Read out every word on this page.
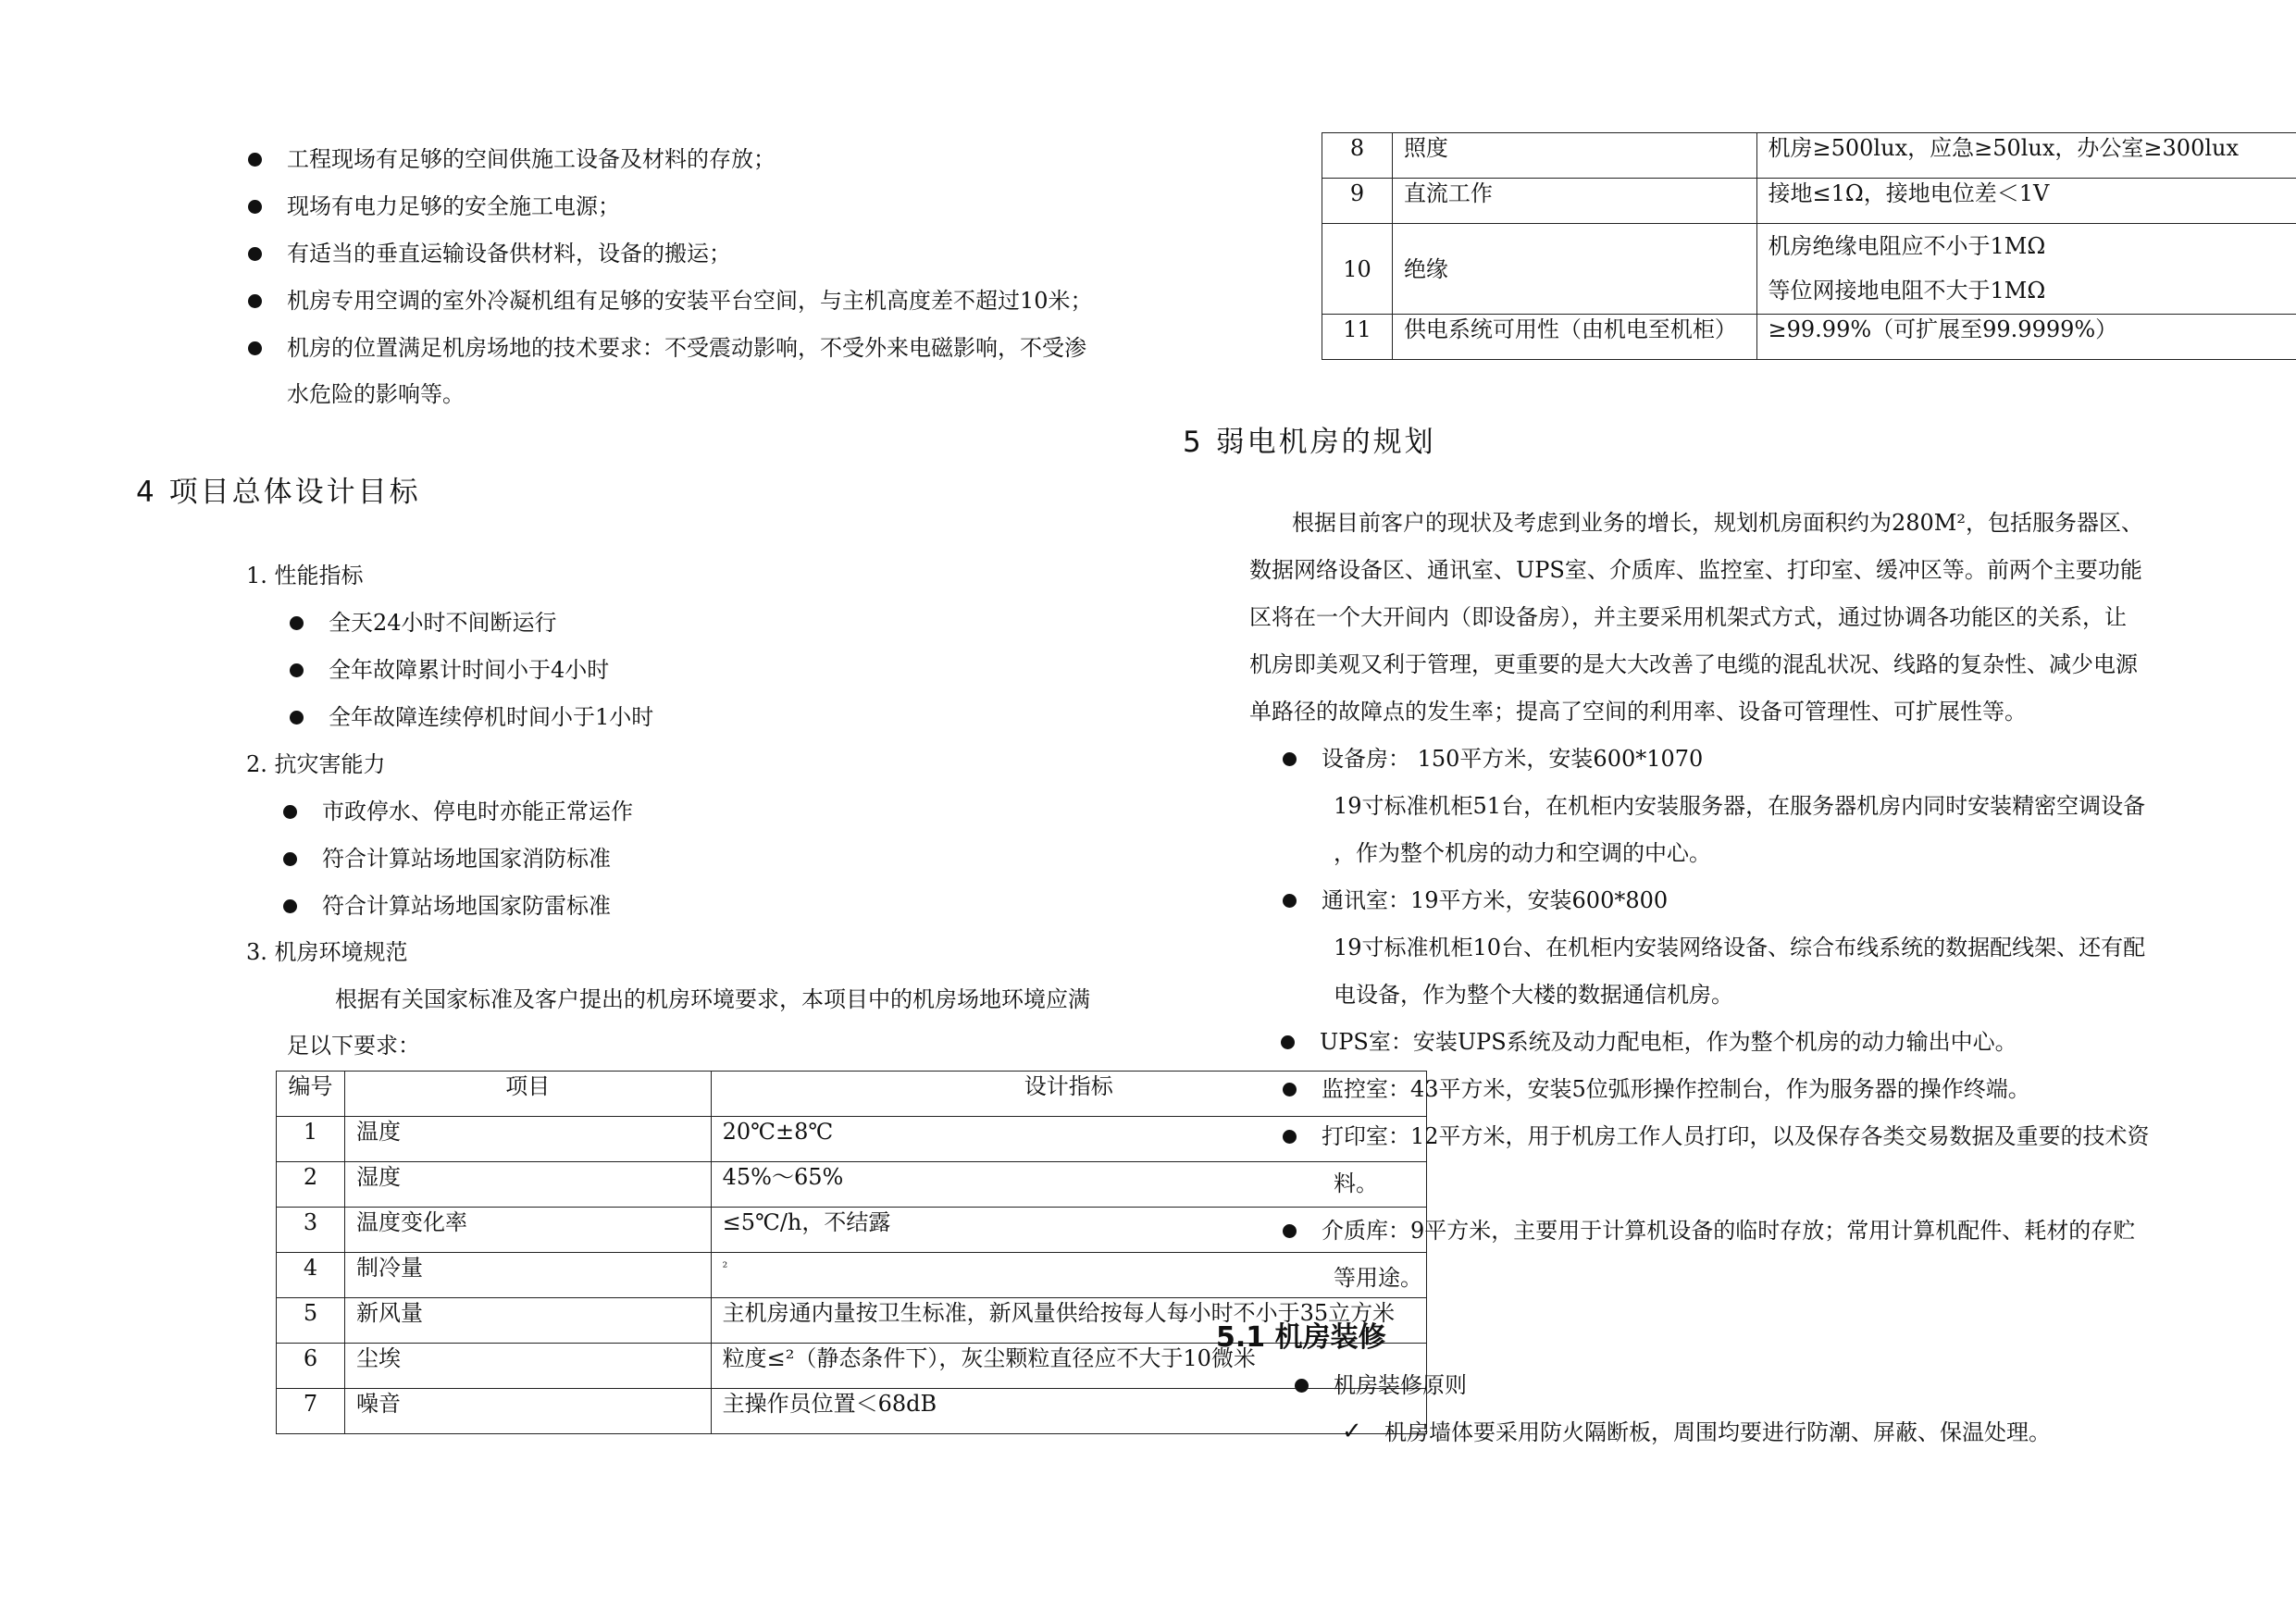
工程现场有足够的空间供施工设备及材料的存放；
现场有电力足够的安全施工电源；
有适当的垂直运输设备供材料，设备的搬运；
机房专用空调的室外冷凝机组有足够的安装平台空间，与主机高度差不超过10米；
机房的位置满足机房场地的技术要求：不受震动影响，不受外来电磁影响，不受渗
水危险的影响等。
4 项目总体设计目标
1. 性能指标
全天24小时不间断运行
全年故障累计时间小于4小时
全年故障连续停机时间小于1小时
2. 抗灾害能力
市政停水、停电时亦能正常运作
符合计算站场地国家消防标准
符合计算站场地国家防雷标准
3. 机房环境规范
根据有关国家标准及客户提出的机房环境要求，本项目中的机房场地环境应满
足以下要求：
编号	项目	设计指标
1	温度	20℃±8℃
2	湿度	45%～65%
3	温度变化率	≤5℃/h，不结露
4	制冷量	²
5	新风量	主机房通内量按卫生标准，新风量供给按每人每小时不小于35立方米
6	尘埃	粒度≤²（静态条件下），灰尘颗粒直径应不大于10微米
7	噪音	主操作员位置＜68dB
8	照度	机房≥500lux，应急≥50lux，办公室≥300lux
9	直流工作	接地≤1Ω，接地电位差＜1V
10	绝缘	机房绝缘电阻应不小于1MΩ
等位网接地电阻不大于1MΩ

11	供电系统可用性（由机电至机柜）	≥99.99%（可扩展至99.9999%）
5 弱电机房的规划
根据目前客户的现状及考虑到业务的增长，规划机房面积约为280M²，包括服务器区、
数据网络设备区、通讯室、UPS室、介质库、监控室、打印室、缓冲区等。前两个主要功能
区将在一个大开间内（即设备房），并主要采用机架式方式，通过协调各功能区的关系，让
机房即美观又利于管理，更重要的是大大改善了电缆的混乱状况、线路的复杂性、减少电源
单路径的故障点的发生率；提高了空间的利用率、设备可管理性、可扩展性等。
设备房： 150平方米，安装600*1070
19寸标准机柜51台，在机柜内安装服务器，在服务器机房内同时安装精密空调设备
，作为整个机房的动力和空调的中心。
通讯室：19平方米，安装600*800
19寸标准机柜10台、在机柜内安装网络设备、综合布线系统的数据配线架、还有配
电设备，作为整个大楼的数据通信机房。
UPS室：安装UPS系统及动力配电柜，作为整个机房的动力输出中心。
监控室：43平方米，安装5位弧形操作控制台，作为服务器的操作终端。
打印室：12平方米，用于机房工作人员打印，以及保存各类交易数据及重要的技术资
料。
介质库：9平方米，主要用于计算机设备的临时存放；常用计算机配件、耗材的存贮
等用途。
5.1 机房装修
机房装修原则
✓ 机房墙体要采用防火隔断板，周围均要进行防潮、屏蔽、保温处理。
